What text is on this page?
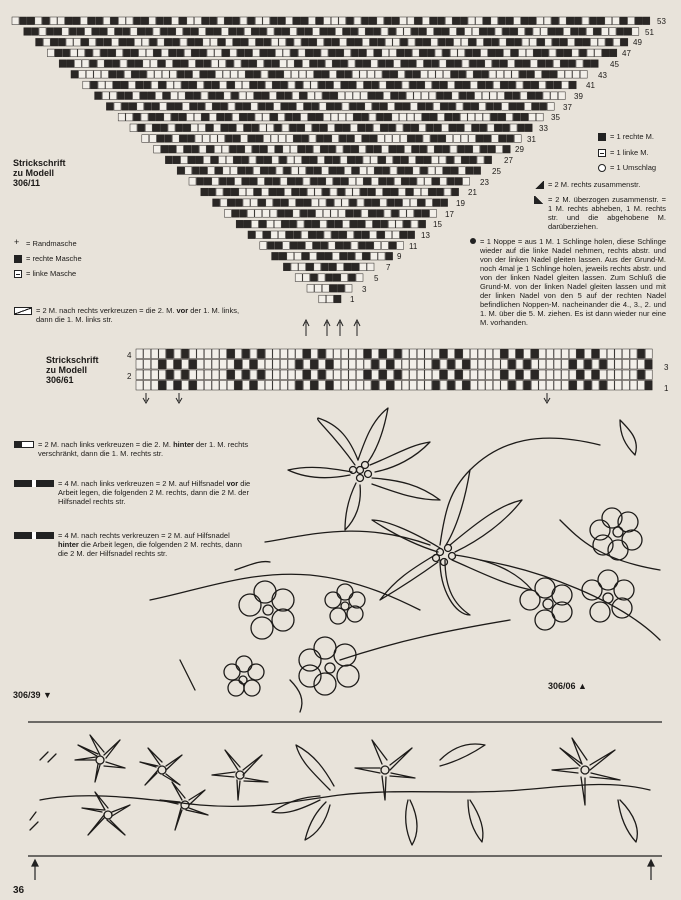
Strickschrift
zu Modell
306/11
53
51
49
47
45
43
41
39
37
35
33
31
29
27
25
23
21
19
17
15
13
11
9
7
5
3
1
= 1 rechte M.
= 1 linke M.
= 1 Umschlag
= 2 M. rechts zusammenstr.
= 2 M. überzogen zusammenstr. = 1 M. rechts abheben, 1 M. rechts str. und die abgehobene M. darüberziehen.
= 1 Noppe = aus 1 M. 1 Schlinge holen, diese Schlinge wieder auf die linke Nadel nehmen, rechts abstr. und von der linken Nadel gleiten lassen. Aus der Grund-M. noch 4mal je 1 Schlinge holen, jeweils rechts abstr. und von der linken Nadel gleiten lassen. Zum Schluß die Grund-M. von der linken Nadel gleiten lassen und mit der linken Nadel von den 5 auf der rechten Nadel befindlichen Noppen-M. nacheinander die 4., 3., 2. und 1. M. über die 5. M. ziehen. Es ist dann wieder nur eine M. vorhanden.
+
= Randmasche
= rechte Masche
= linke Masche
= 2 M. nach rechts verkreuzen = die 2. M. vor der 1. M. links, dann die 1. M. links str.
Strickschrift
zu Modell
306/61
4
2
3
1
= 2 M. nach links verkreuzen = die 2. M. hinter der 1. M. rechts verschränkt, dann die 1. M. rechts str.
= 4 M. nach links verkreuzen = 2 M. auf Hilfsnadel vor die Arbeit legen, die folgenden 2 M. rechts, dann die 2 M. der Hilfsnadel rechts str.
= 4 M. nach rechts verkreuzen = 2 M. auf Hilfsnadel hinter die Arbeit legen, die folgenden 2 M. rechts, dann die 2 M. der Hilfsnadel rechts str.
306/39 ▼
306/06 ▲
36
